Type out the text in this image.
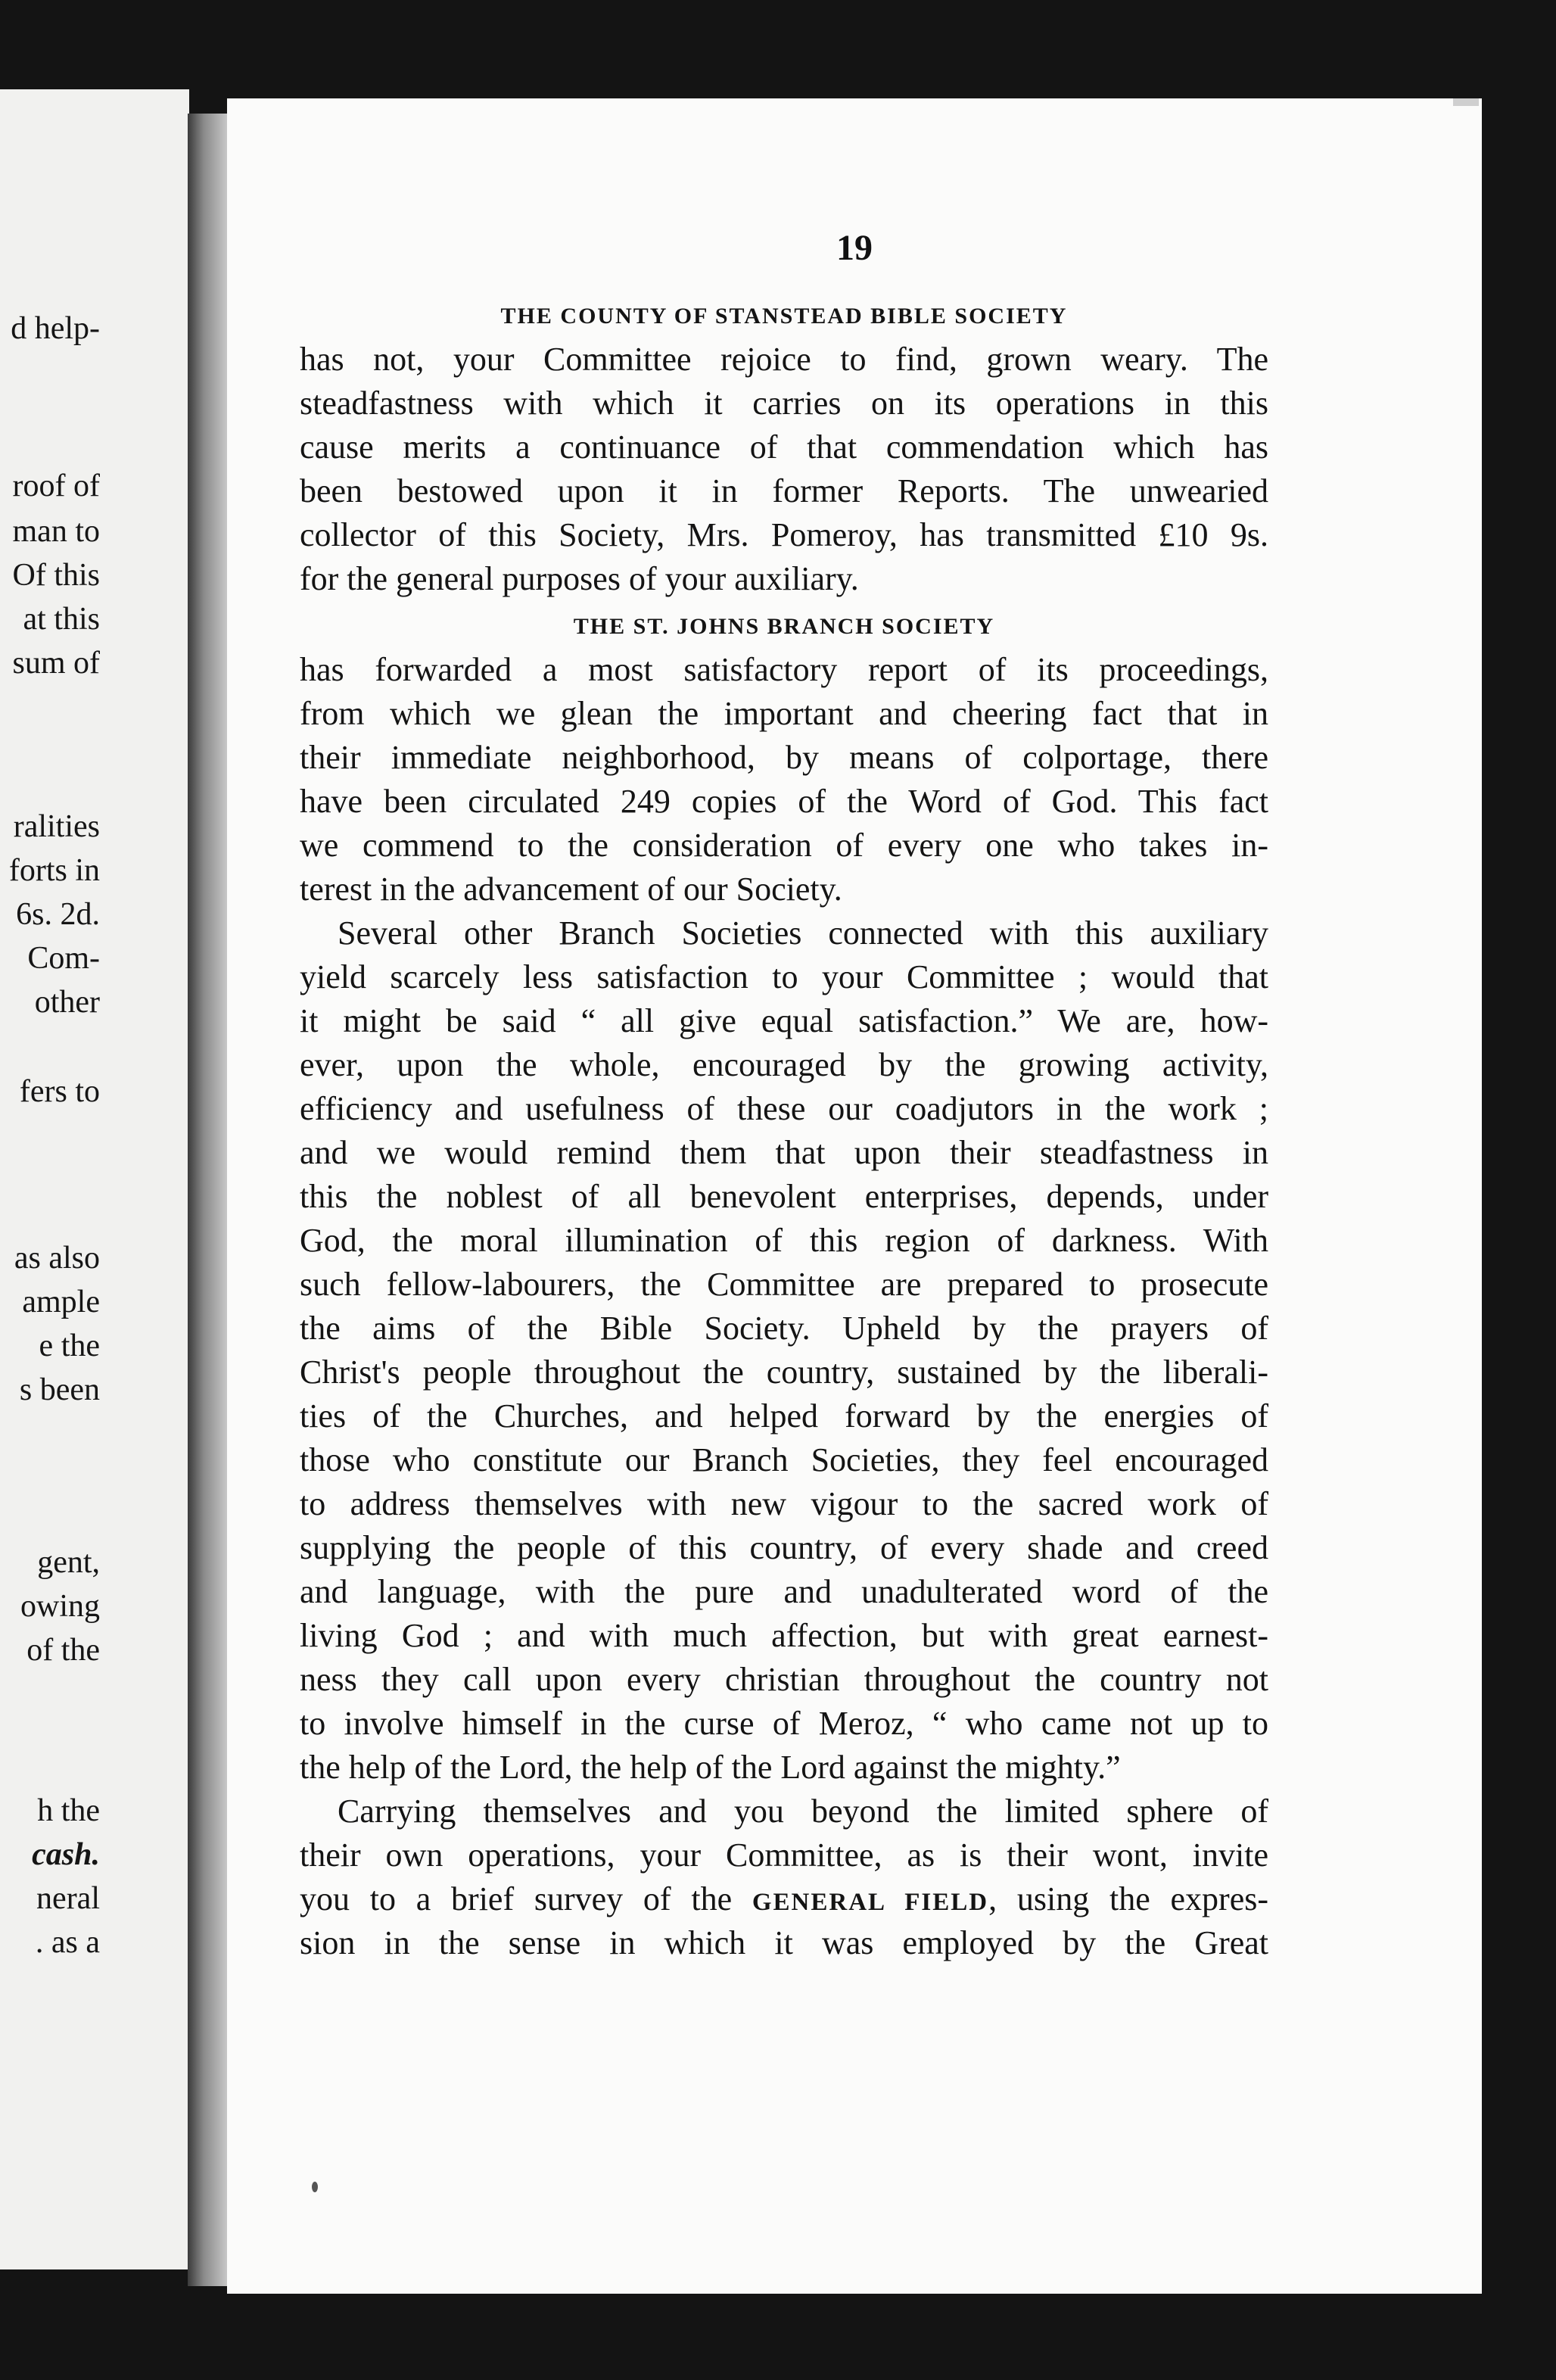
d help-
roof of
man to
Of this
at this
sum of
ralities
forts in
6s. 2d.
Com-
other
fers to
as also
ample
e the
s been
gent,
owing
of the
h the
cash.
neral
. as a
19
THE COUNTY OF STANSTEAD BIBLE SOCIETY
has not, your Committee rejoice to find, grown weary. The
steadfastness with which it carries on its operations in this
cause merits a continuance of that commendation which has
been bestowed upon it in former Reports. The unwearied
collector of this Society, Mrs. Pomeroy, has transmitted £10 9s.
for the general purposes of your auxiliary.
THE ST. JOHNS BRANCH SOCIETY
has forwarded a most satisfactory report of its proceedings,
from which we glean the important and cheering fact that in
their immediate neighborhood, by means of colportage, there
have been circulated 249 copies of the Word of God. This fact
we commend to the consideration of every one who takes in-
terest in the advancement of our Society.
Several other Branch Societies connected with this auxiliary
yield scarcely less satisfaction to your Committee ; would that
it might be said “ all give equal satisfaction.” We are, how-
ever, upon the whole, encouraged by the growing activity,
efficiency and usefulness of these our coadjutors in the work ;
and we would remind them that upon their steadfastness in
this the noblest of all benevolent enterprises, depends, under
God, the moral illumination of this region of darkness. With
such fellow-labourers, the Committee are prepared to prosecute
the aims of the Bible Society. Upheld by the prayers of
Christ's people throughout the country, sustained by the liberali-
ties of the Churches, and helped forward by the energies of
those who constitute our Branch Societies, they feel encouraged
to address themselves with new vigour to the sacred work of
supplying the people of this country, of every shade and creed
and language, with the pure and unadulterated word of the
living God ; and with much affection, but with great earnest-
ness they call upon every christian throughout the country not
to involve himself in the curse of Meroz, “ who came not up to
the help of the Lord, the help of the Lord against the mighty.”
Carrying themselves and you beyond the limited sphere of
their own operations, your Committee, as is their wont, invite
you to a brief survey of the GENERAL FIELD, using the expres-
sion in the sense in which it was employed by the Great
